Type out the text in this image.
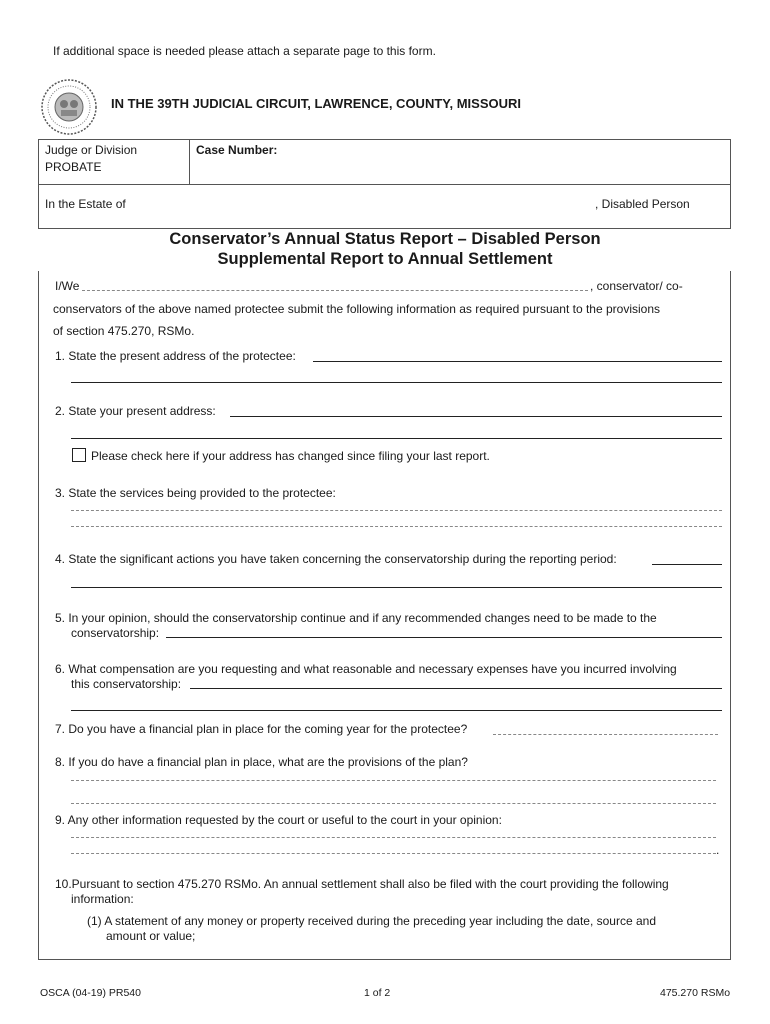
If additional space is needed please attach a separate page to this form.
IN THE 39TH JUDICIAL CIRCUIT, LAWRENCE, COUNTY, MISSOURI
Judge or Division
PROBATE
Case Number:
In the Estate of	, Disabled Person
Conservator’s Annual Status Report – Disabled Person
Supplemental Report to Annual Settlement
I/We	, conservator/ co-
conservators of the above named protectee submit the following information as required pursuant to the provisions
of section 475.270, RSMo.
1. State the present address of the protectee:
2. State your present address:
Please check here if your address has changed since filing your last report.
3. State the services being provided to the protectee:
4. State the significant actions you have taken concerning the conservatorship during the reporting period:
5. In your opinion, should the conservatorship continue and if any recommended changes need to be made to the
conservatorship:
6. What compensation are you requesting and what reasonable and necessary expenses have you incurred involving
this conservatorship:
7. Do you have a financial plan in place for the coming year for the protectee?
8. If you do have a financial plan in place, what are the provisions of the plan?
9. Any other information requested by the court or useful to the court in your opinion:
.
10.Pursuant to section 475.270 RSMo. An annual settlement shall also be filed with the court providing the following
information:
(1) A statement of any money or property received during the preceding year including the date, source and
amount or value;
OSCA (04-19) PR540	1 of 2	475.270 RSMo
